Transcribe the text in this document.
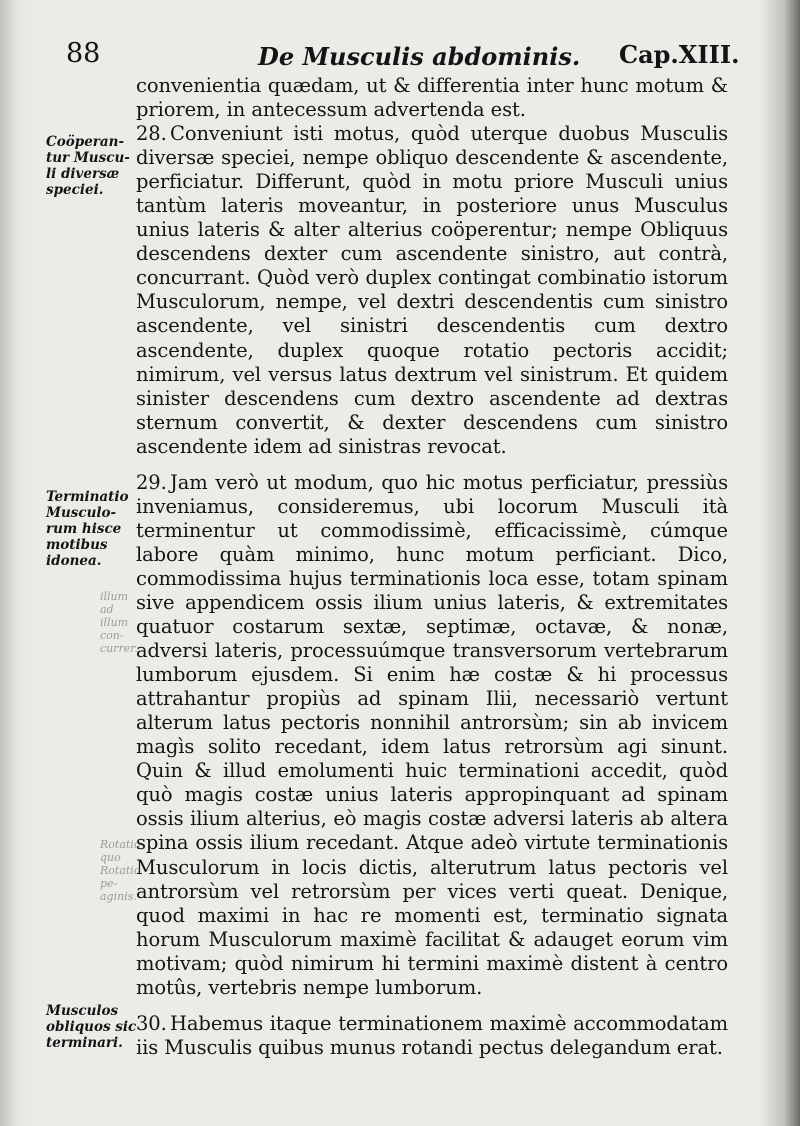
88	De Musculis abdominis. Cap.XIII.
Coöperan-tur Muscu-li diversæ speciei.
Terminatio Musculo-rum hisce motibus idonea.
Musculos obliquos sic terminari.
illum ad illum con- currer.
Rotatio quo Rotatio pe- aginis.

convenientia quædam, ut & differentia inter hunc motum & priorem, in antecessum advertenda est.

28. Conveniunt isti motus, quòd uterque duobus Musculis diversæ speciei, nempe obliquo descendente & ascendente, perficiatur. Differunt, quòd in motu priore Musculi unius tantùm lateris moveantur, in posteriore unus Musculus unius lateris & alter alterius coöperentur; nempe Obliquus descendens dexter cum ascendente sinistro, aut contrà, concurrant. Quòd verò duplex contingat combinatio istorum Musculorum, nempe, vel dextri descendentis cum sinistro ascendente, vel sinistri descendentis cum dextro ascendente, duplex quoque rotatio pectoris accidit; nimirum, vel versus latus dextrum vel sinistrum. Et quidem sinister descendens cum dextro ascendente ad dextras sternum convertit, & dexter descendens cum sinistro ascendente idem ad sinistras revocat.

29. Jam verò ut modum, quo hic motus perficiatur, pressiùs inveniamus, consideremus, ubi locorum Musculi ità terminentur ut commodissimè, efficacissimè, cúmque labore quàm minimo, hunc motum perficiant. Dico, commodissima hujus terminationis loca esse, totam spinam sive appendicem ossis ilium unius lateris, & extremitates quatuor costarum sextæ, septimæ, octavæ, & nonæ, adversi lateris, processuúmque transversorum vertebrarum lumborum ejusdem. Si enim hæ costæ & hi processus attrahantur propiùs ad spinam Ilii, necessariò vertunt alterum latus pectoris nonnihil antrorsùm; sin ab invicem magìs solito recedant, idem latus retrorsùm agi sinunt. Quin & illud emolumenti huic terminationi accedit, quòd quò magis costæ unius lateris appropinquant ad spinam ossis ilium alterius, eò magis costæ adversi lateris ab altera spina ossis ilium recedant. Atque adeò virtute terminationis Musculorum in locis dictis, alterutrum latus pectoris vel antrorsùm vel retrorsùm per vices verti queat. Denique, quod maximi in hac re momenti est, terminatio signata horum Musculorum maximè facilitat & adauget eorum vim motivam; quòd nimirum hi termini maximè distent à centro motûs, vertebris nempe lumborum.

30. Habemus itaque terminationem maximè accommodatam iis Musculis quibus munus rotandi pectus delegandum erat.
